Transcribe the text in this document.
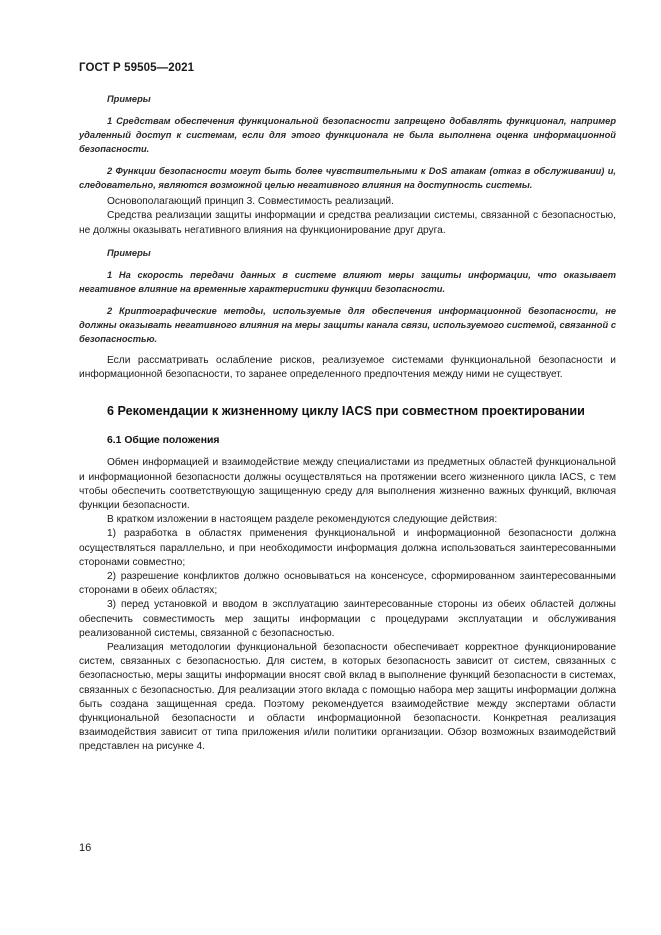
ГОСТ Р 59505—2021

Примеры

1 Средствам обеспечения функциональной безопасности запрещено добавлять функционал, например удаленный доступ к системам, если для этого функционала не была выполнена оценка информационной безопасности.

2 Функции безопасности могут быть более чувствительными к DoS атакам (отказ в обслуживании) и, следовательно, являются возможной целью негативного влияния на доступность системы.

Основополагающий принцип 3. Совместимость реализаций.

Средства реализации защиты информации и средства реализации системы, связанной с безопасностью, не должны оказывать негативного влияния на функционирование друг друга.

Примеры

1 На скорость передачи данных в системе влияют меры защиты информации, что оказывает негативное влияние на временные характеристики функции безопасности.

2 Криптографические методы, используемые для обеспечения информационной безопасности, не должны оказывать негативного влияния на меры защиты канала связи, используемого системой, связанной с безопасностью.

Если рассматривать ослабление рисков, реализуемое системами функциональной безопасности и информационной безопасности, то заранее определенного предпочтения между ними не существует.

6 Рекомендации к жизненному циклу IACS при совместном проектировании
6.1 Общие положения

Обмен информацией и взаимодействие между специалистами из предметных областей функциональной и информационной безопасности должны осуществляться на протяжении всего жизненного цикла IACS, с тем чтобы обеспечить соответствующую защищенную среду для выполнения жизненно важных функций, включая функции безопасности.

В кратком изложении в настоящем разделе рекомендуются следующие действия:

1) разработка в областях применения функциональной и информационной безопасности должна осуществляться параллельно, и при необходимости информация должна использоваться заинтересованными сторонами совместно;

2) разрешение конфликтов должно основываться на консенсусе, сформированном заинтересованными сторонами в обеих областях;

3) перед установкой и вводом в эксплуатацию заинтересованные стороны из обеих областей должны обеспечить совместимость мер защиты информации с процедурами эксплуатации и обслуживания реализованной системы, связанной с безопасностью.

Реализация методологии функциональной безопасности обеспечивает корректное функционирование систем, связанных с безопасностью. Для систем, в которых безопасность зависит от систем, связанных с безопасностью, меры защиты информации вносят свой вклад в выполнение функций безопасности в системах, связанных с безопасностью. Для реализации этого вклада с помощью набора мер защиты информации должна быть создана защищенная среда. Поэтому рекомендуется взаимодействие между экспертами области функциональной безопасности и области информационной безопасности. Конкретная реализация взаимодействия зависит от типа приложения и/или политики организации. Обзор возможных взаимодействий представлен на рисунке 4.

16
